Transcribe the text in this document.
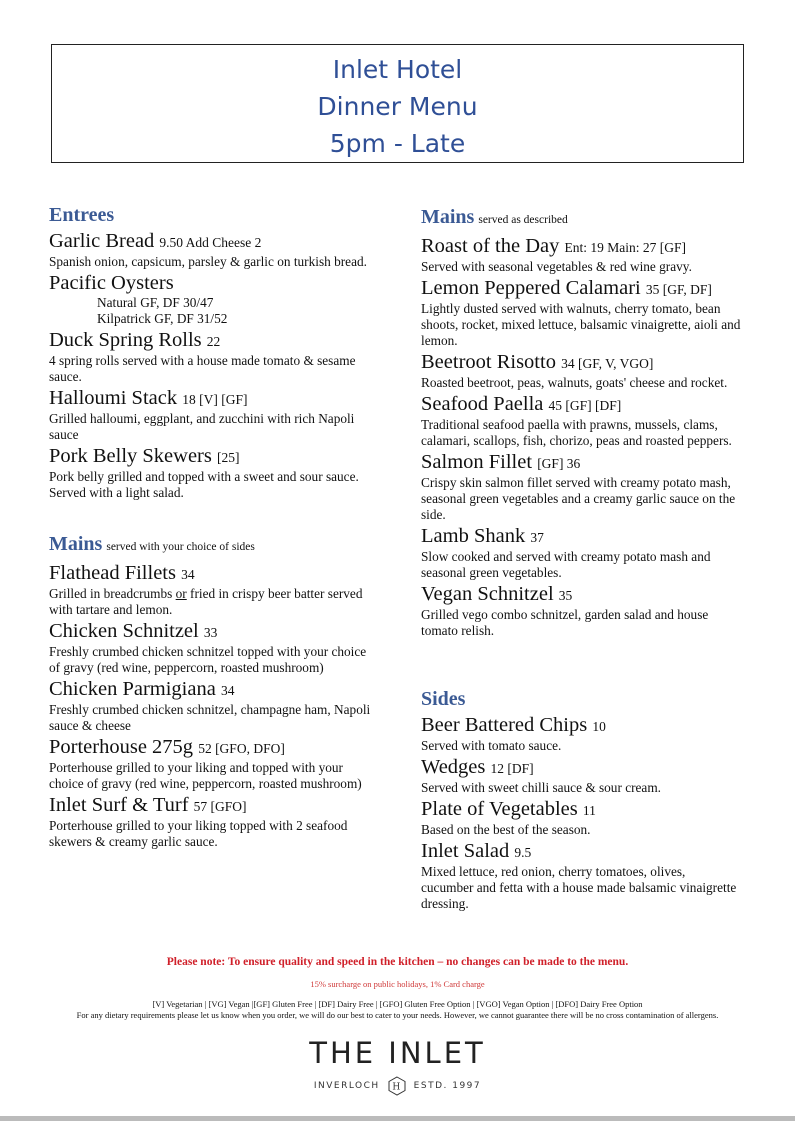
Inlet Hotel
Dinner Menu
5pm - Late
Entrees
Garlic Bread 9.50 Add Cheese 2
Spanish onion, capsicum, parsley & garlic on turkish bread.
Pacific Oysters
Natural GF, DF 30/47
Kilpatrick GF, DF 31/52
Duck Spring Rolls 22
4 spring rolls served with a house made tomato & sesame sauce.
Halloumi Stack 18 [V] [GF]
Grilled halloumi, eggplant, and zucchini with rich Napoli sauce
Pork Belly Skewers [25]
Pork belly grilled and topped with a sweet and sour sauce. Served with a light salad.
Mains served with your choice of sides
Flathead Fillets 34
Grilled in breadcrumbs or fried in crispy beer batter served with tartare and lemon.
Chicken Schnitzel 33
Freshly crumbed chicken schnitzel topped with your choice of gravy (red wine, peppercorn, roasted mushroom)
Chicken Parmigiana 34
Freshly crumbed chicken schnitzel, champagne ham, Napoli sauce & cheese
Porterhouse 275g 52 [GFO, DFO]
Porterhouse grilled to your liking and topped with your choice of gravy (red wine, peppercorn, roasted mushroom)
Inlet Surf & Turf 57 [GFO]
Porterhouse grilled to your liking topped with 2 seafood skewers & creamy garlic sauce.
Mains served as described
Roast of the Day Ent: 19 Main: 27 [GF]
Served with seasonal vegetables & red wine gravy.
Lemon Peppered Calamari 35 [GF, DF]
Lightly dusted served with walnuts, cherry tomato, bean shoots, rocket, mixed lettuce, balsamic vinaigrette, aioli and lemon.
Beetroot Risotto 34 [GF, V, VGO]
Roasted beetroot, peas, walnuts, goats' cheese and rocket.
Seafood Paella 45 [GF] [DF]
Traditional seafood paella with prawns, mussels, clams, calamari, scallops, fish, chorizo, peas and roasted peppers.
Salmon Fillet [GF] 36
Crispy skin salmon fillet served with creamy potato mash, seasonal green vegetables and a creamy garlic sauce on the side.
Lamb Shank 37
Slow cooked and served with creamy potato mash and seasonal green vegetables.
Vegan Schnitzel 35
Grilled vego combo schnitzel, garden salad and house tomato relish.
Sides
Beer Battered Chips 10
Served with tomato sauce.
Wedges 12 [DF]
Served with sweet chilli sauce & sour cream.
Plate of Vegetables 11
Based on the best of the season.
Inlet Salad 9.5
Mixed lettuce, red onion, cherry tomatoes, olives, cucumber and fetta with a house made balsamic vinaigrette dressing.
Please note: To ensure quality and speed in the kitchen – no changes can be made to the menu.
15% surcharge on public holidays, 1% Card charge
[V] Vegetarian | [VG] Vegan |[GF] Gluten Free | [DF] Dairy Free | [GFO] Gluten Free Option | [VGO] Vegan Option | [DFO] Dairy Free Option
For any dietary requirements please let us know when you order, we will do our best to cater to your needs. However, we cannot guarantee there will be no cross contamination of allergens.
THE INLET
INVERLOCH H ESTD. 1997
